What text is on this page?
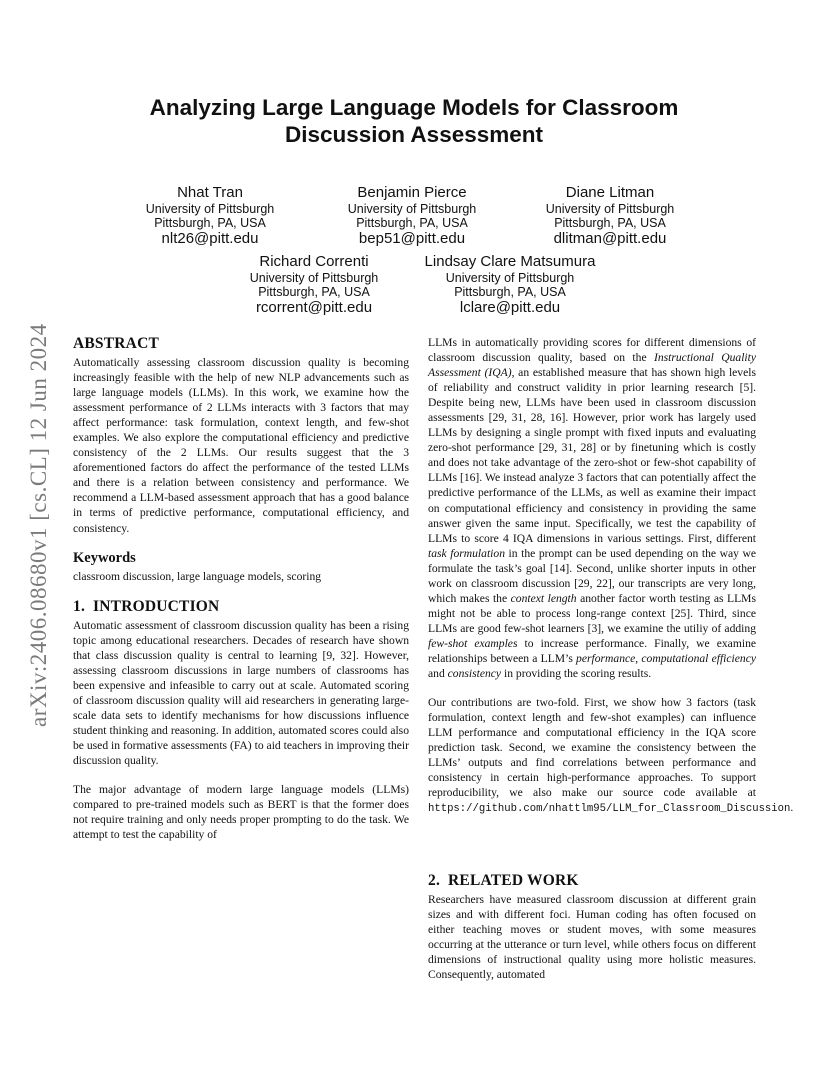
arXiv:2406.08680v1 [cs.CL] 12 Jun 2024
Analyzing Large Language Models for Classroom
Discussion Assessment
Nhat Tran
University of Pittsburgh
Pittsburgh, PA, USA
nlt26@pitt.edu
Benjamin Pierce
University of Pittsburgh
Pittsburgh, PA, USA
bep51@pitt.edu
Diane Litman
University of Pittsburgh
Pittsburgh, PA, USA
dlitman@pitt.edu
Richard Correnti
University of Pittsburgh
Pittsburgh, PA, USA
rcorrent@pitt.edu
Lindsay Clare Matsumura
University of Pittsburgh
Pittsburgh, PA, USA
lclare@pitt.edu
ABSTRACT

Automatically assessing classroom discussion quality is becoming increasingly feasible with the help of new NLP advancements such as large language models (LLMs). In this work, we examine how the assessment performance of 2 LLMs interacts with 3 factors that may affect performance: task formulation, context length, and few-shot examples. We also explore the computational efficiency and predictive consistency of the 2 LLMs. Our results suggest that the 3 aforementioned factors do affect the performance of the tested LLMs and there is a relation between consistency and performance. We recommend a LLM-based assessment approach that has a good balance in terms of predictive performance, computational efficiency, and consistency.

Keywords

classroom discussion, large language models, scoring

1. INTRODUCTION

Automatic assessment of classroom discussion quality has been a rising topic among educational researchers. Decades of research have shown that class discussion quality is central to learning [9, 32]. However, assessing classroom discussions in large numbers of classrooms has been expensive and infeasible to carry out at scale. Automated scoring of classroom discussion quality will aid researchers in generating large-scale data sets to identify mechanisms for how discussions influence student thinking and reasoning. In addition, automated scores could also be used in formative assessments (FA) to aid teachers in improving their discussion quality.

The major advantage of modern large language models (LLMs) compared to pre-trained models such as BERT is that the former does not require training and only needs proper prompting to do the task. We attempt to test the capability of

LLMs in automatically providing scores for different dimensions of classroom discussion quality, based on the Instructional Quality Assessment (IQA), an established measure that has shown high levels of reliability and construct validity in prior learning research [5]. Despite being new, LLMs have been used in classroom discussion assessments [29, 31, 28, 16]. However, prior work has largely used LLMs by designing a single prompt with fixed inputs and evaluating zero-shot performance [29, 31, 28] or by finetuning which is costly and does not take advantage of the zero-shot or few-shot capability of LLMs [16]. We instead analyze 3 factors that can potentially affect the predictive performance of the LLMs, as well as examine their impact on computational efficiency and consistency in providing the same answer given the same input. Specifically, we test the capability of LLMs to score 4 IQA dimensions in various settings. First, different task formulation in the prompt can be used depending on the way we formulate the task’s goal [14]. Second, unlike shorter inputs in other work on classroom discussion [29, 22], our transcripts are very long, which makes the context length another factor worth testing as LLMs might not be able to process long-range context [25]. Third, since LLMs are good few-shot learners [3], we examine the utiliy of adding few-shot examples to increase performance. Finally, we examine relationships between a LLM’s performance, computational efficiency and consistency in providing the scoring results.

Our contributions are two-fold. First, we show how 3 factors (task formulation, context length and few-shot examples) can influence LLM performance and computational efficiency in the IQA score prediction task. Second, we examine the consistency between the LLMs’ outputs and find correlations between performance and consistency in certain high-performance approaches. To support reproducibility, we also make our source code available at https://github.com/nhattlm95/LLM_for_Classroom_Discussion.

2. RELATED WORK

Researchers have measured classroom discussion at different grain sizes and with different foci. Human coding has often focused on either teaching moves or student moves, with some measures occurring at the utterance or turn level, while others focus on different dimensions of instructional quality using more holistic measures. Consequently, automated
